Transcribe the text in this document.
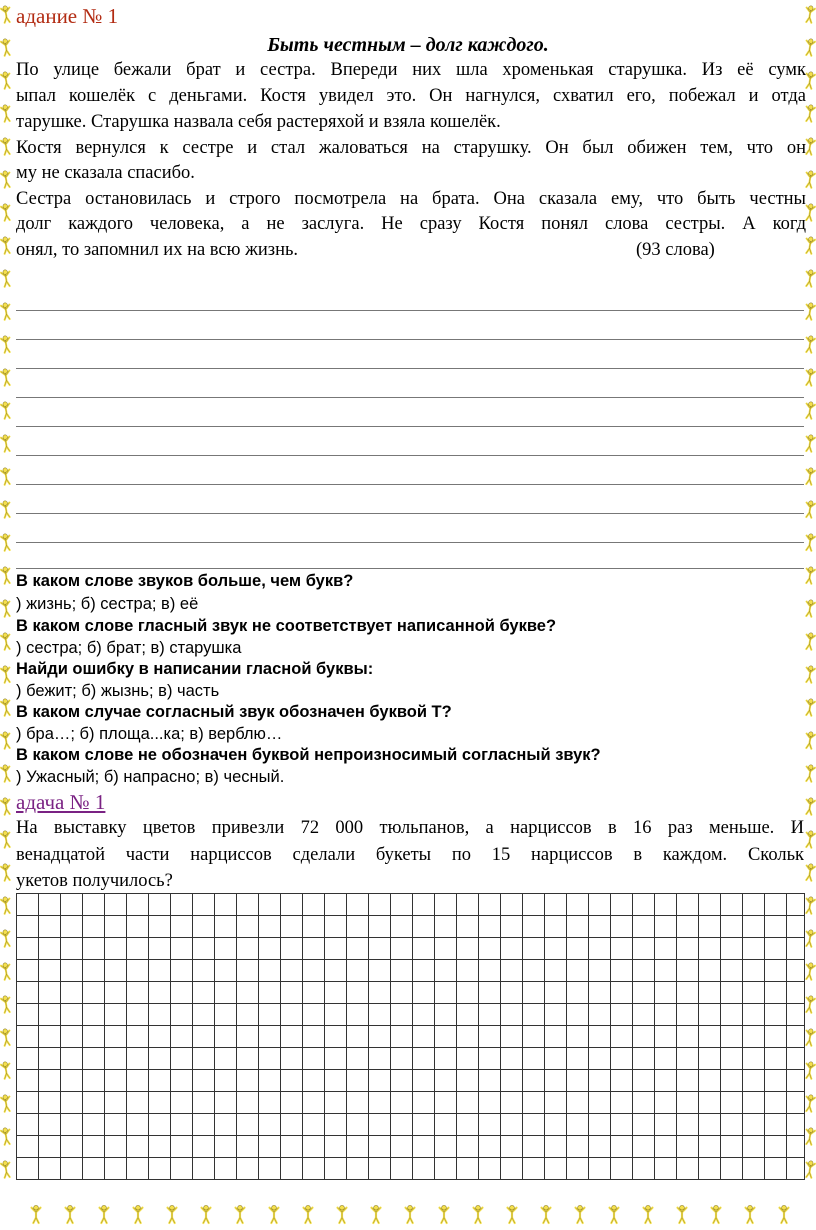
адание № 1
Быть честным – долг каждого.
По улице бежали брат и сестра. Впереди них шла хроменькая старушка. Из её сумк
ыпал кошелёк с деньгами. Костя увидел это. Он нагнулся, схватил его, побежал и отда
тарушке. Старушка назвала себя растеряхой и взяла кошелёк.
Костя вернулся к сестре и стал жаловаться на старушку. Он был обижен тем, что он
му не сказала спасибо.
Сестра остановилась и строго посмотрела на брата. Она сказала ему, что быть честны
долг каждого человека, а не заслуга. Не сразу Костя понял слова сестры. А когд
онял, то запомнил их на всю жизнь.	(93 слова)
В каком слове звуков больше, чем букв?
) жизнь; б) сестра; в) её
В каком слове гласный звук не соответствует написанной букве?
) сестра; б) брат; в) старушка
Найди ошибку в написании гласной буквы:
) бежит; б) жызнь; в) часть
В каком случае согласный звук обозначен буквой Т?
) бра…; б) площа...ка; в) верблю…
В каком слове не обозначен буквой непроизносимый согласный звук?
) Ужасный; б) напрасно; в) чесный.
адача № 1
На выставку цветов привезли 72 000 тюльпанов, а нарциссов в 16 раз меньше. И
венадцатой части нарциссов сделали букеты по 15 нарциссов в каждом. Скольк
укетов получилось?
